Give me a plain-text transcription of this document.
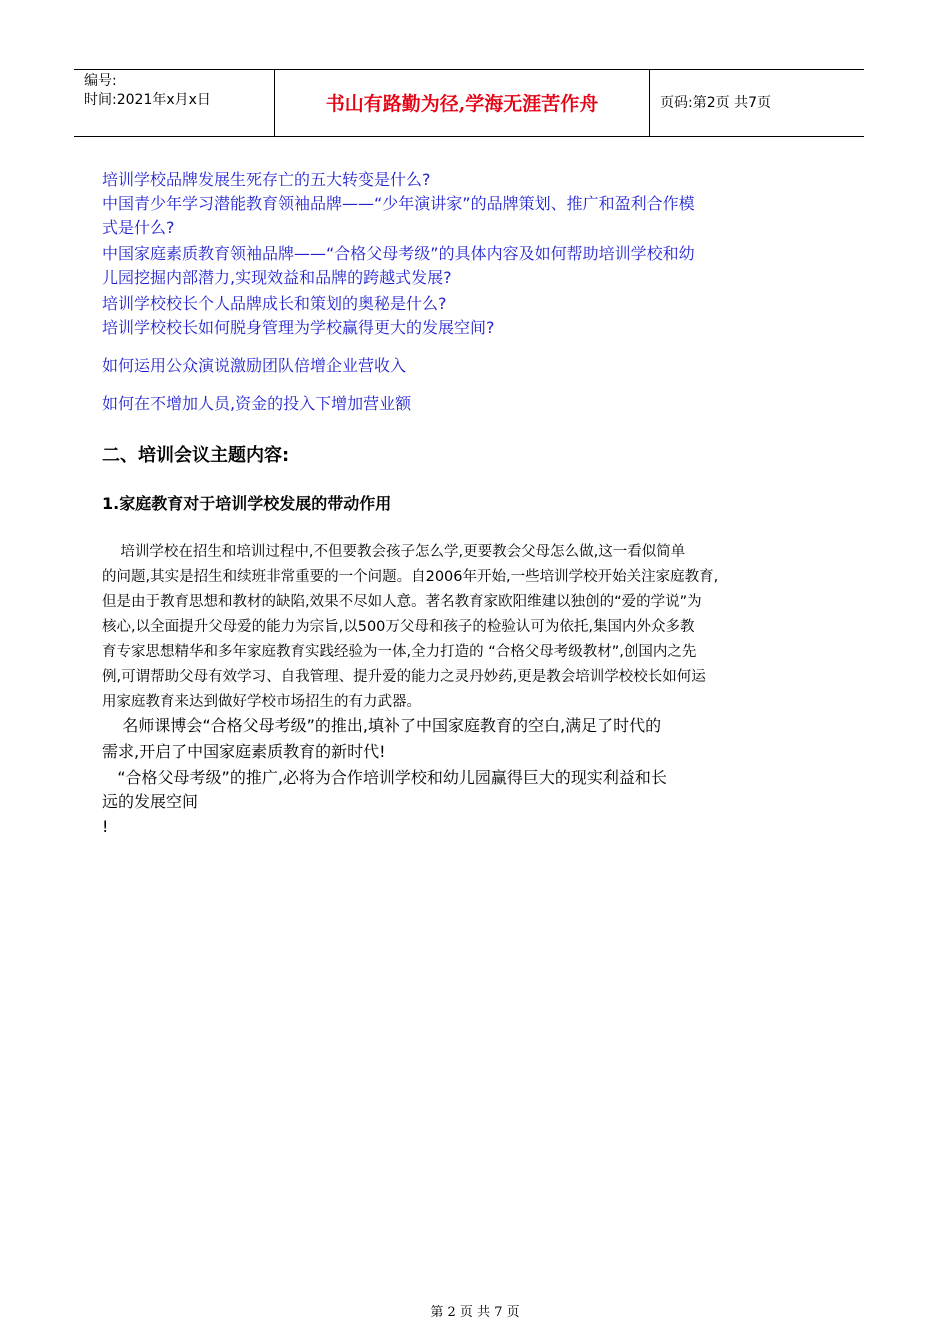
编号:
时间:2021年x月x日	书山有路勤为径,学海无涯苦作舟	页码:第2页 共7页
培训学校品牌发展生死存亡的五大转变是什么?
中国青少年学习潜能教育领袖品牌——“少年演讲家”的品牌策划、推广和盈利合作模
式是什么?
中国家庭素质教育领袖品牌——“合格父母考级”的具体内容及如何帮助培训学校和幼
儿园挖掘内部潜力,实现效益和品牌的跨越式发展?
培训学校校长个人品牌成长和策划的奥秘是什么?
培训学校校长如何脱身管理为学校赢得更大的发展空间?
如何运用公众演说激励团队倍增企业营收入
如何在不增加人员,资金的投入下增加营业额
二、培训会议主题内容:
1.家庭教育对于培训学校发展的带动作用
培训学校在招生和培训过程中,不但要教会孩子怎么学,更要教会父母怎么做,这一看似简单
的问题,其实是招生和续班非常重要的一个问题。自2006年开始,一些培训学校开始关注家庭教育,
但是由于教育思想和教材的缺陷,效果不尽如人意。著名教育家欧阳维建以独创的“爱的学说”为
核心,以全面提升父母爱的能力为宗旨,以500万父母和孩子的检验认可为依托,集国内外众多教
育专家思想精华和多年家庭教育实践经验为一体,全力打造的 “合格父母考级教材”,创国内之先
例,可谓帮助父母有效学习、自我管理、提升爱的能力之灵丹妙药,更是教会培训学校校长如何运
用家庭教育来达到做好学校市场招生的有力武器。
名师课博会“合格父母考级”的推出,填补了中国家庭教育的空白,满足了时代的
需求,开启了中国家庭素质教育的新时代!
“合格父母考级”的推广,必将为合作培训学校和幼儿园赢得巨大的现实利益和长
远的发展空间
!
第 2 页 共 7 页
